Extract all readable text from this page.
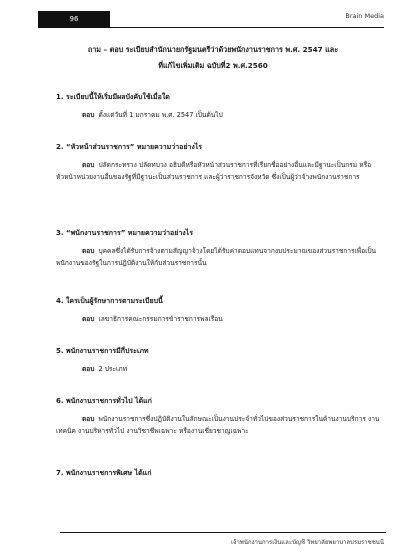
96	Brain Media
ถาม – ตอบ ระเบียบสำนักนายกรัฐมนตรีว่าด้วยพนักงานราชการ พ.ศ. 2547 และ
ที่แก้ไขเพิ่มเติม ฉบับที่2 พ.ศ.2560

1. ระเบียบนี้ให้เริ่มมีผลบังคับใช้เมื่อใด

ตอบ ตั้งแต่วันที่ 1 มกราคม พ.ศ. 2547 เป็นต้นไป

2. “หัวหน้าส่วนราชการ” หมายความว่าอย่างไร

ตอบ ปลัดกระทรวง ปลัดทบวง อธิบดีหรือหัวหน้าส่วนราชการที่เรียกชื่ออย่างอื่นและมีฐานะเป็นกรม หรือหัวหน้าหน่วยงานอื่นของรัฐที่มีฐานะเป็นส่วนราชการ และผู้ว่าราชการจังหวัด ซึ่งเป็นผู้ว่าจ้างพนักงานราชการ

3. “พนักงานราชการ” หมายความว่าอย่างไร

ตอบ บุคคลซึ่งได้รับการจ้างตามสัญญาจ้างโดยได้รับค่าตอบแทนจากงบประมาณของส่วนราชการเพื่อเป็นพนักงานของรัฐในการปฏิบัติงานให้กับส่วนราชการนั้น

4. ใครเป็นผู้รักษาการตามระเบียบนี้

ตอบ เลขาธิการคณะกรรมการข้าราชการพลเรือน

5. พนักงานราชการมีกี่ประเภท

ตอบ 2 ประเภท

6. พนักงานราชการทั่วไป ได้แก่

ตอบ พนักงานราชการซึ่งปฏิบัติงานในลักษณะเป็นงานประจำทั่วไปของส่วนราชการในด้านงานบริการ งานเทคนิค งานบริหารทั่วไป งานวิชาชีพเฉพาะ หรืองานเชี่ยวชาญเฉพาะ

7. พนักงานราชการพิเศษ ได้แก่

เจ้าพนักงานการเงินและบัญชี วิทยาลัยพยาบาลบรมราชชนนี
